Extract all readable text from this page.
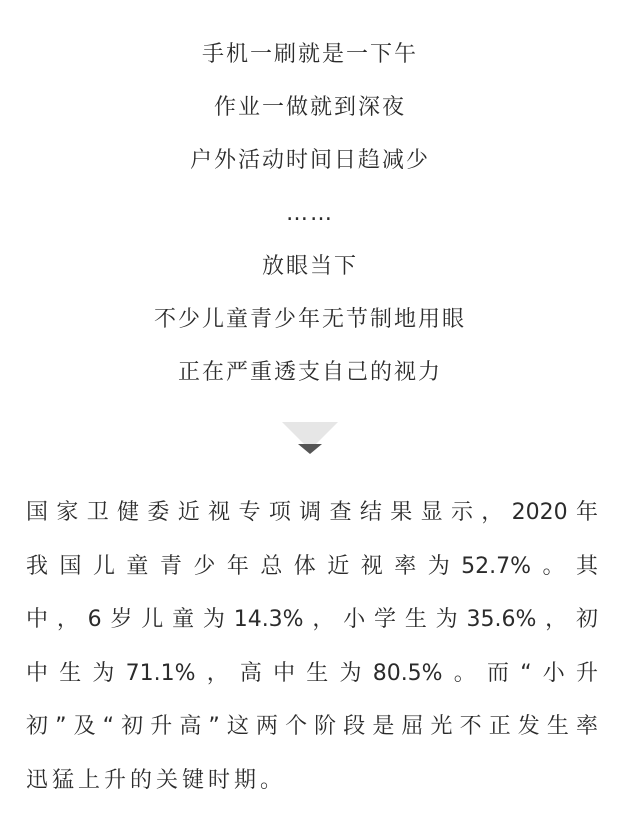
手机一刷就是一下午
作业一做就到深夜
户外活动时间日趋减少
……
放眼当下
不少儿童青少年无节制地用眼
正在严重透支自己的视力
国家卫健委近视专项调查结果显示，2020年
我国儿童青少年总体近视率为52.7%。其
中，6岁儿童为14.3%，小学生为35.6%，初
中生为71.1%，高中生为80.5%。而“小升
初”及“初升高”这两个阶段是屈光不正发生率
迅猛上升的关键时期。
